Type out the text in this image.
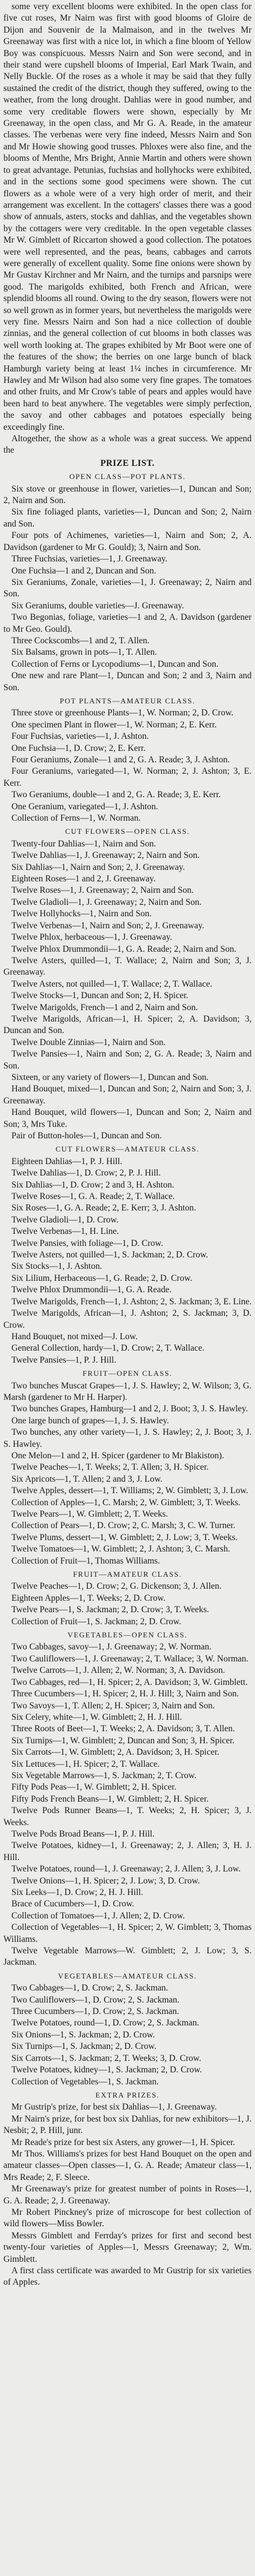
some very excellent blooms were exhibited. In the open class for five cut roses, Mr Nairn was first with good blooms of Gloire de Dijon and Souvenir de la Malmaison, and in the twelves Mr Greenaway was first with a nice lot, in which a fine bloom of Yellow Boy was conspicuous. Messrs Nairn and Son were second, and in their stand were cupshell blooms of Imperial, Earl Mark Twain, and Nelly Buckle. Of the roses as a whole it may be said that they fully sustained the credit of the district, though they suffered, owing to the weather, from the long drought. Dahlias were in good number, and some very creditable flowers were shown, especially by Mr Greenaway, in the open class, and Mr G. A. Reade, in the amateur classes. The verbenas were very fine indeed, Messrs Nairn and Son and Mr Howie showing good trusses. Phloxes were also fine, and the blooms of Menthe, Mrs Bright, Annie Martin and others were shown to great advantage. Petunias, fuchsias and hollyhocks were exhibited, and in the sections some good specimens were shown. The cut flowers as a whole were of a very high order of merit, and their arrangement was excellent. In the cottagers' classes there was a good show of annuals, asters, stocks and dahlias, and the vegetables shown by the cottagers were very creditable. In the open vegetable classes Mr W. Gimblett of Riccarton showed a good collection. The potatoes were well represented, and the peas, beans, cabbages and carrots were generally of excellent quality. Some fine onions were shown by Mr Gustav Kirchner and Mr Nairn, and the turnips and parsnips were good. The marigolds exhibited, both French and African, were splendid blooms all round. Owing to the dry season, flowers were not so well grown as in former years, but nevertheless the marigolds were very fine. Messrs Nairn and Son had a nice collection of double zinnias, and the general collection of cut blooms in both classes was well worth looking at. The grapes exhibited by Mr Boot were one of the features of the show; the berries on one large bunch of black Hamburgh variety being at least 1¼ inches in circumference. Mr Hawley and Mr Wilson had also some very fine grapes. The tomatoes and other fruits, and Mr Crow's table of pears and apples would have been hard to beat anywhere. The vegetables were simply perfection, the savoy and other cabbages and potatoes especially being exceedingly fine.

Altogether, the show as a whole was a great success. We append the

PRIZE LIST.

OPEN CLASS—POT PLANTS.

Six stove or greenhouse in flower, varieties—1, Duncan and Son; 2, Nairn and Son.

Six fine foliaged plants, varieties—1, Duncan and Son; 2, Nairn and Son.

Four pots of Achimenes, varieties—1, Nairn and Son; 2, A. Davidson (gardener to Mr G. Gould); 3, Nairn and Son.

Three Fuchsias, varieties—1, J. Greenaway.

One Fuchsia—1 and 2, Duncan and Son.

Six Geraniums, Zonale, varieties—1, J. Greenaway; 2, Nairn and Son.

Six Geraniums, double varieties—J. Greenaway.

Two Begonias, foliage, varieties—1 and 2, A. Davidson (gardener to Mr Geo. Gould).

Three Cockscombs—1 and 2, T. Allen.

Six Balsams, grown in pots—1, T. Allen.

Collection of Ferns or Lycopodiums—1, Duncan and Son.

One new and rare Plant—1, Duncan and Son; 2 and 3, Nairn and Son.

POT PLANTS—AMATEUR CLASS.

Three stove or greenhouse Plants—1, W. Norman; 2, D. Crow.

One specimen Plant in flower—1, W. Norman; 2, E. Kerr.

Four Fuchsias, varieties—1, J. Ashton.

One Fuchsia—1, D. Crow; 2, E. Kerr.

Four Geraniums, Zonale—1 and 2, G. A. Reade; 3, J. Ashton.

Four Geraniums, variegated—1, W. Norman; 2, J. Ashton; 3, E. Kerr.

Two Geraniums, double—1 and 2, G. A. Reade; 3, E. Kerr.

One Geranium, variegated—1, J. Ashton.

Collection of Ferns—1, W. Norman.

CUT FLOWERS—OPEN CLASS.

Twenty-four Dahlias—1, Nairn and Son.

Twelve Dahlias—1, J. Greenaway; 2, Nairn and Son.

Six Dahlias—1, Nairn and Son; 2, J. Greenaway.

Eighteen Roses—1 and 2, J. Greenaway.

Twelve Roses—1, J. Greenaway; 2, Nairn and Son.

Twelve Gladioli—1, J. Greenaway; 2, Nairn and Son.

Twelve Hollyhocks—1, Nairn and Son.

Twelve Verbenas—1, Nairn and Son; 2, J. Greenaway.

Twelve Phlox, herbaceous—1, J. Greenaway.

Twelve Phlox Drummondii—1, G. A. Reade; 2, Nairn and Son.

Twelve Asters, quilled—1, T. Wallace; 2, Nairn and Son; 3, J. Greenaway.

Twelve Asters, not quilled—1, T. Wallace; 2, T. Wallace.

Twelve Stocks—1, Duncan and Son; 2, H. Spicer.

Twelve Marigolds, French—1 and 2, Nairn and Son.

Twelve Marigolds, African—1, H. Spicer; 2, A. Davidson; 3, Duncan and Son.

Twelve Double Zinnias—1, Nairn and Son.

Twelve Pansies—1, Nairn and Son; 2, G. A. Reade; 3, Nairn and Son.

Sixteen, or any variety of flowers—1, Duncan and Son.

Hand Bouquet, mixed—1, Duncan and Son; 2, Nairn and Son; 3, J. Greenaway.

Hand Bouquet, wild flowers—1, Duncan and Son; 2, Nairn and Son; 3, Mrs Tuke.

Pair of Button-holes—1, Duncan and Son.

CUT FLOWERS—AMATEUR CLASS.

Eighteen Dahlias—1, P. J. Hill.

Twelve Dahlias—1, D. Crow; 2, P. J. Hill.

Six Dahlias—1, D. Crow; 2 and 3, H. Ashton.

Twelve Roses—1, G. A. Reade; 2, T. Wallace.

Six Roses—1, G. A. Reade; 2, E. Kerr; 3, J. Ashton.

Twelve Gladioli—1, D. Crow.

Twelve Verbenas—1, H. Line.

Twelve Pansies, with foliage—1, D. Crow.

Twelve Asters, not quilled—1, S. Jackman; 2, D. Crow.

Six Stocks—1, J. Ashton.

Six Lilium, Herbaceous—1, G. Reade; 2, D. Crow.

Twelve Phlox Drummondii—1, G. A. Reade.

Twelve Marigolds, French—1, J. Ashton; 2, S. Jackman; 3, E. Line.

Twelve Marigolds, African—1, J. Ashton; 2, S. Jackman; 3, D. Crow.

Hand Bouquet, not mixed—J. Low.

General Collection, hardy—1, D. Crow; 2, T. Wallace.

Twelve Pansies—1, P. J. Hill.

FRUIT—OPEN CLASS.

Two bunches Muscat Grapes—1, J. S. Hawley; 2, W. Wilson; 3, G. Marsh (gardener to Mr H. Harper).

Two bunches Grapes, Hamburg—1 and 2, J. Boot; 3, J. S. Hawley.

One large bunch of grapes—1, J. S. Hawley.

Two bunches, any other variety—1, J. S. Hawley; 2, J. Boot; 3, J. S. Hawley.

One Melon—1 and 2, H. Spicer (gardener to Mr Blakiston).

Twelve Peaches—1, T. Weeks; 2, T. Allen; 3, H. Spicer.

Six Apricots—1, T. Allen; 2 and 3, J. Low.

Twelve Apples, dessert—1, T. Williams; 2, W. Gimblett; 3, J. Low.

Collection of Apples—1, C. Marsh; 2, W. Gimblett; 3, T. Weeks.

Twelve Pears—1, W. Gimblett; 2, T. Weeks.

Collection of Pears—1, D. Crow; 2, C. Marsh; 3, C. W. Turner.

Twelve Plums, dessert—1, W. Gimblett; 2, J. Low; 3, T. Weeks.

Twelve Tomatoes—1, W. Gimblett; 2, J. Ashton; 3, C. Marsh.

Collection of Fruit—1, Thomas Williams.

FRUIT—AMATEUR CLASS.

Twelve Peaches—1, D. Crow; 2, G. Dickenson; 3, J. Allen.

Eighteen Apples—1, T. Weeks; 2, D. Crow.

Twelve Pears—1, S. Jackman; 2, D. Crow; 3, T. Weeks.

Collection of Fruit—1, S. Jackman; 2, D. Crow.

VEGETABLES—OPEN CLASS.

Two Cabbages, savoy—1, J. Greenaway; 2, W. Norman.

Two Cauliflowers—1, J. Greenaway; 2, T. Wallace; 3, W. Norman.

Twelve Carrots—1, J. Allen; 2, W. Norman; 3, A. Davidson.

Two Cabbages, red—1, H. Spicer; 2, A. Davidson; 3, W. Gimblett.

Three Cucumbers—1, H. Spicer; 2, H. J. Hill; 3, Nairn and Son.

Two Savoys—1, T. Allen; 2, H. Spicer; 3, Nairn and Son.

Six Celery, white—1, W. Gimblett; 2, H. J. Hill.

Three Roots of Beet—1, T. Weeks; 2, A. Davidson; 3, T. Allen.

Six Turnips—1, W. Gimblett; 2, Duncan and Son; 3, H. Spicer.

Six Carrots—1, W. Gimblett; 2, A. Davidson; 3, H. Spicer.

Six Lettuces—1, H. Spicer; 2, T. Wallace.

Six Vegetable Marrows—1, S. Jackman; 2, T. Crow.

Fifty Pods Peas—1, W. Gimblett; 2, H. Spicer.

Fifty Pods French Beans—1, W. Gimblett; 2, H. Spicer.

Twelve Pods Runner Beans—1, T. Weeks; 2, H. Spicer; 3, J. Weeks.

Twelve Pods Broad Beans—1, P. J. Hill.

Twelve Potatoes, kidney—1, J. Greenaway; 2, J. Allen; 3, H. J. Hill.

Twelve Potatoes, round—1, J. Greenaway; 2, J. Allen; 3, J. Low.

Twelve Onions—1, H. Spicer; 2, J. Low; 3, D. Crow.

Six Leeks—1, D. Crow; 2, H. J. Hill.

Brace of Cucumbers—1, D. Crow.

Collection of Tomatoes—1, J. Allen; 2, D. Crow.

Collection of Vegetables—1, H. Spicer; 2, W. Gimblett; 3, Thomas Williams.

Twelve Vegetable Marrows—W. Gimblett; 2, J. Low; 3, S. Jackman.

VEGETABLES—AMATEUR CLASS.

Two Cabbages—1, D. Crow; 2, S. Jackman.

Two Cauliflowers—1, D. Crow; 2, S. Jackman.

Three Cucumbers—1, D. Crow; 2, S. Jackman.

Twelve Potatoes, round—1, D. Crow; 2, S. Jackman.

Six Onions—1, S. Jackman; 2, D. Crow.

Six Turnips—1, S. Jackman; 2, D. Crow.

Six Carrots—1, S. Jackman; 2, T. Weeks; 3, D. Crow.

Twelve Potatoes, kidney—1, S. Jackman; 2, D. Crow.

Collection of Vegetables—1, S. Jackman.

EXTRA PRIZES.

Mr Gustrip's prize, for best six Dahlias—1, J. Greenaway.

Mr Nairn's prize, for best box six Dahlias, for new exhibitors—1, J. Nesbit; 2, P. Hill, junr.

Mr Reade's prize for best six Asters, any grower—1, H. Spicer.

Mr Thos. Williams's prizes for best Hand Bouquet on the open and amateur classes—Open classes—1, G. A. Reade; Amateur class—1, Mrs Reade; 2, F. Sleece.

Mr Greenaway's prize for greatest number of points in Roses—1, G. A. Reade; 2, J. Greenaway.

Mr Robert Pinckney's prize of microscope for best collection of wild flowers—Miss Bowler.

Messrs Gimblett and Ferrday's prizes for first and second best twenty-four varieties of Apples—1, Messrs Greenaway; 2, Wm. Gimblett.

A first class certificate was awarded to Mr Gustrip for six varieties of Apples.
